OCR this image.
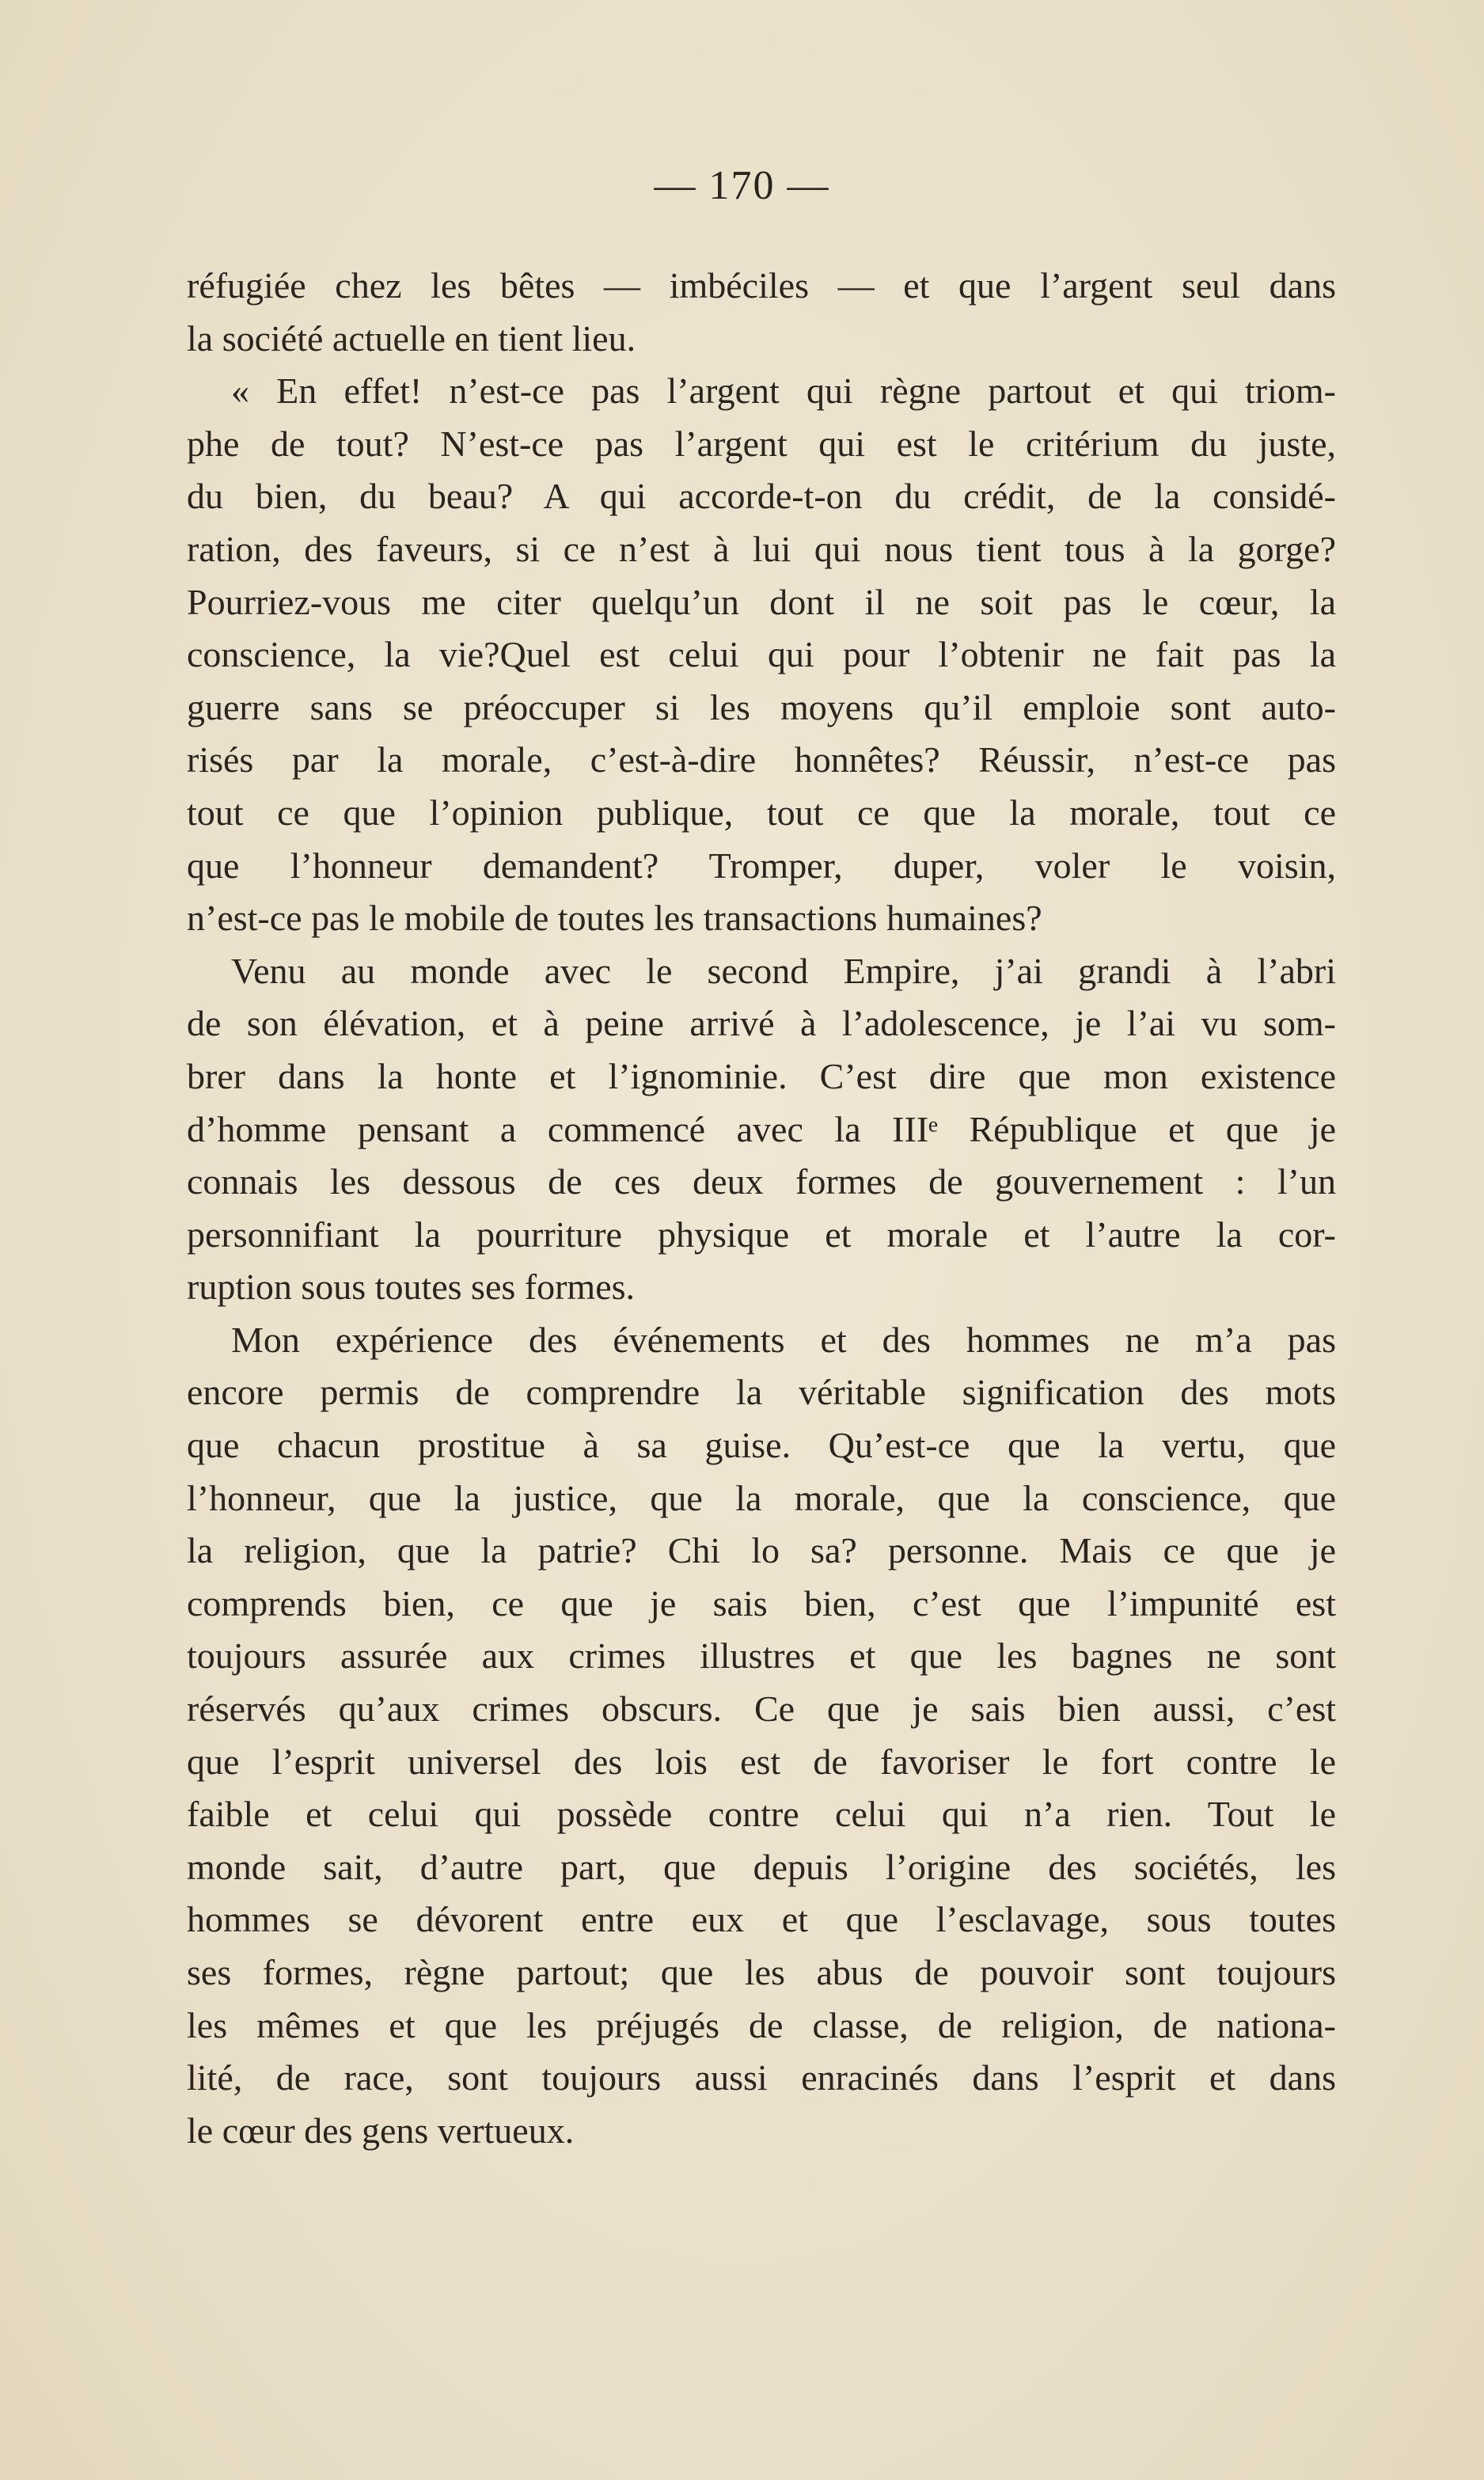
— 170 —
réfugiée chez les bêtes — imbéciles — et que l’argent seul dans
la société actuelle en tient lieu.
« En effet! n’est-ce pas l’argent qui règne partout et qui triom-
phe de tout? N’est-ce pas l’argent qui est le critérium du juste,
du bien, du beau? A qui accorde-t-on du crédit, de la considé-
ration, des faveurs, si ce n’est à lui qui nous tient tous à la gorge?
Pourriez-vous me citer quelqu’un dont il ne soit pas le cœur, la
conscience, la vie?Quel est celui qui pour l’obtenir ne fait pas la
guerre sans se préoccuper si les moyens qu’il emploie sont auto-
risés par la morale, c’est-à-dire honnêtes? Réussir, n’est-ce pas
tout ce que l’opinion publique, tout ce que la morale, tout ce
que l’honneur demandent? Tromper, duper, voler le voisin,
n’est-ce pas le mobile de toutes les transactions humaines?
Venu au monde avec le second Empire, j’ai grandi à l’abri
de son élévation, et à peine arrivé à l’adolescence, je l’ai vu som-
brer dans la honte et l’ignominie. C’est dire que mon existence
d’homme pensant a commencé avec la IIIᵉ République et que je
connais les dessous de ces deux formes de gouvernement : l’un
personnifiant la pourriture physique et morale et l’autre la cor-
ruption sous toutes ses formes.
Mon expérience des événements et des hommes ne m’a pas
encore permis de comprendre la véritable signification des mots
que chacun prostitue à sa guise. Qu’est-ce que la vertu, que
l’honneur, que la justice, que la morale, que la conscience, que
la religion, que la patrie? Chi lo sa? personne. Mais ce que je
comprends bien, ce que je sais bien, c’est que l’impunité est
toujours assurée aux crimes illustres et que les bagnes ne sont
réservés qu’aux crimes obscurs. Ce que je sais bien aussi, c’est
que l’esprit universel des lois est de favoriser le fort contre le
faible et celui qui possède contre celui qui n’a rien. Tout le
monde sait, d’autre part, que depuis l’origine des sociétés, les
hommes se dévorent entre eux et que l’esclavage, sous toutes
ses formes, règne partout; que les abus de pouvoir sont toujours
les mêmes et que les préjugés de classe, de religion, de nationa-
lité, de race, sont toujours aussi enracinés dans l’esprit et dans
le cœur des gens vertueux.
